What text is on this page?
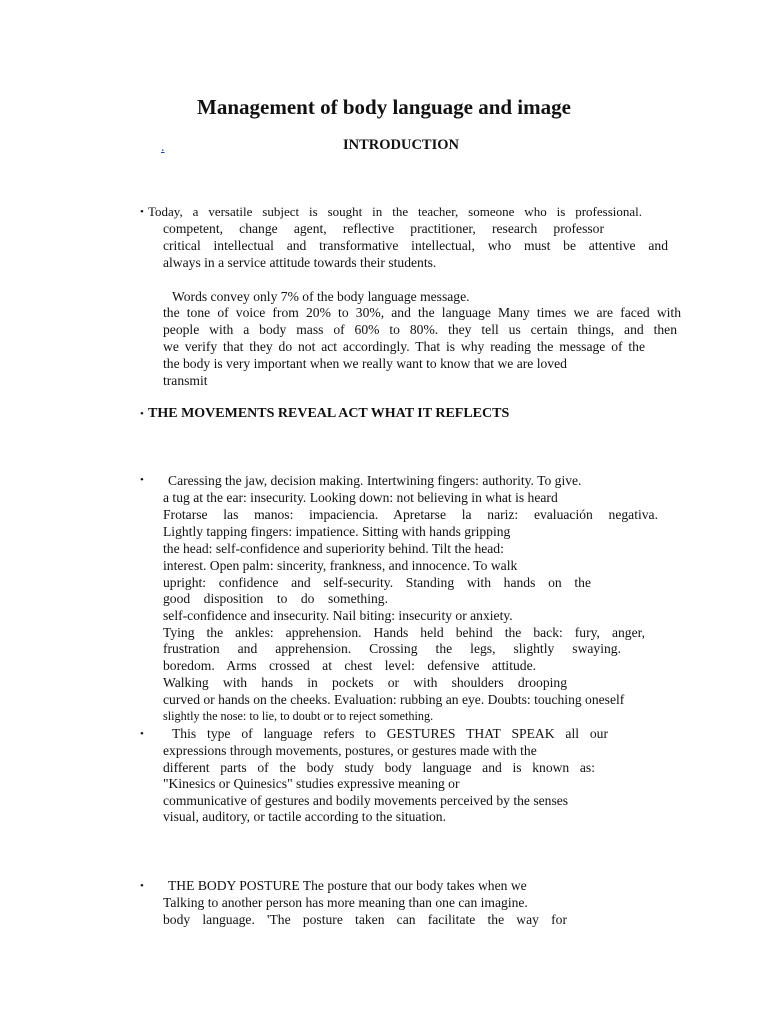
Management of body language and image
.	INTRODUCTION
• Today, a versatile subject is sought in the teacher, someone who is professional.
competent, change agent, reflective practitioner, research professor
critical intellectual and transformative intellectual, who must be attentive and
always in a service attitude towards their students.
Words convey only 7% of the body language message.
the tone of voice from 20% to 30%, and the language Many times we are faced with
people with a body mass of 60% to 80%. they tell us certain things, and then
we verify that they do not act accordingly. That is why reading the message of the
the body is very important when we really want to know that we are loved
transmit
• THE MOVEMENTS REVEAL ACT WHAT IT REFLECTS
• Caressing the jaw, decision making. Intertwining fingers: authority. To give.
a tug at the ear: insecurity. Looking down: not believing in what is heard
Frotarse las manos: impaciencia. Apretarse la nariz: evaluación negativa.
Lightly tapping fingers: impatience. Sitting with hands gripping
the head: self-confidence and superiority behind. Tilt the head:
interest. Open palm: sincerity, frankness, and innocence. To walk
upright: confidence and self-security. Standing with hands on the
good disposition to do something.
self-confidence and insecurity. Nail biting: insecurity or anxiety.
Tying the ankles: apprehension. Hands held behind the back: fury, anger,
frustration and apprehension. Crossing the legs, slightly swaying.
boredom. Arms crossed at chest level: defensive attitude.
Walking with hands in pockets or with shoulders drooping
curved or hands on the cheeks. Evaluation: rubbing an eye. Doubts: touching oneself
slightly the nose: to lie, to doubt or to reject something.
• This type of language refers to GESTURES THAT SPEAK all our
expressions through movements, postures, or gestures made with the
different parts of the body study body language and is known as:
"Kinesics or Quinesics" studies expressive meaning or
communicative of gestures and bodily movements perceived by the senses
visual, auditory, or tactile according to the situation.
• THE BODY POSTURE The posture that our body takes when we
Talking to another person has more meaning than one can imagine.
body language. 'The posture taken can facilitate the way for
